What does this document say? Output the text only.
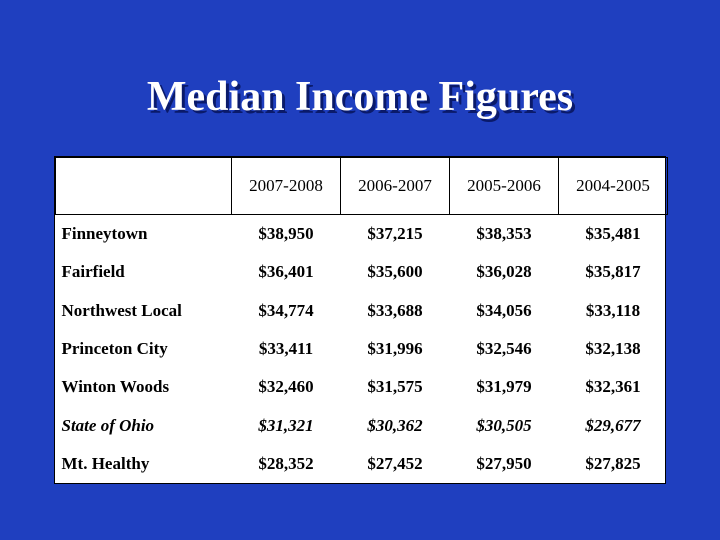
Median Income Figures
	2007-2008	2006-2007	2005-2006	2004-2005
Finneytown	$38,950	$37,215	$38,353	$35,481
Fairfield	$36,401	$35,600	$36,028	$35,817
Northwest Local	$34,774	$33,688	$34,056	$33,118
Princeton City	$33,411	$31,996	$32,546	$32,138
Winton Woods	$32,460	$31,575	$31,979	$32,361
State of Ohio	$31,321	$30,362	$30,505	$29,677
Mt. Healthy	$28,352	$27,452	$27,950	$27,825
